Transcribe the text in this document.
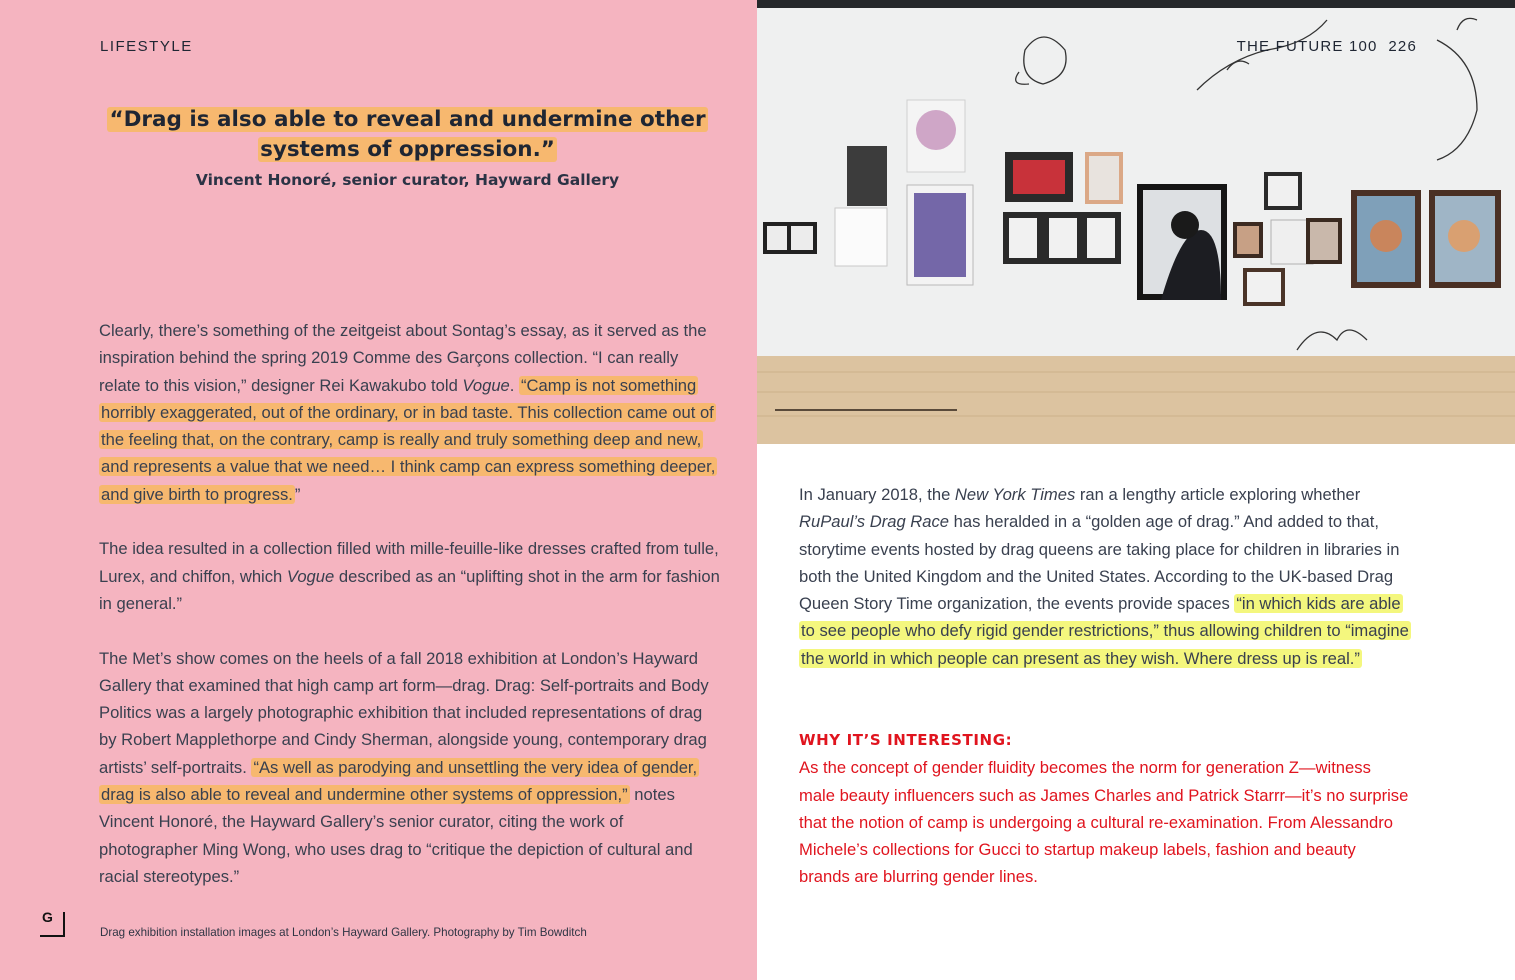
LIFESTYLE
“Drag is also able to reveal and undermine other systems of oppression.”
Vincent Honoré, senior curator, Hayward Gallery

Clearly, there’s something of the zeitgeist about Sontag’s essay, as it served as the inspiration behind the spring 2019 Comme des Garçons collection. “I can really relate to this vision,” designer Rei Kawakubo told Vogue. “Camp is not something horribly exaggerated, out of the ordinary, or in bad taste. This collection came out of the feeling that, on the contrary, camp is really and truly something deep and new, and represents a value that we need… I think camp can express something deeper, and give birth to progress. ”

The idea resulted in a collection filled with mille-feuille-like dresses crafted from tulle, Lurex, and chiffon, which Vogue described as an “uplifting shot in the arm for fashion in general.”

The Met’s show comes on the heels of a fall 2018 exhibition at London’s Hayward Gallery that examined that high camp art form—drag. Drag: Self-portraits and Body Politics was a largely photographic exhibition that included representations of drag by Robert Mapplethorpe and Cindy Sherman, alongside young, contemporary drag artists’ self-portraits. “As well as parodying and unsettling the very idea of gender, drag is also able to reveal and undermine other systems of oppression,” notes Vincent Honoré, the Hayward Gallery’s senior curator, citing the work of photographer Ming Wong, who uses drag to “critique the depiction of cultural and racial stereotypes.”

G
Drag exhibition installation images at London’s Hayward Gallery. Photography by Tim Bowditch
THE FUTURE 100 226

In January 2018, the New York Times ran a lengthy article exploring whether RuPaul’s Drag Race has heralded in a “golden age of drag.” And added to that, storytime events hosted by drag queens are taking place for children in libraries in both the United Kingdom and the United States. According to the UK-based Drag Queen Story Time organization, the events provide spaces “in which kids are able to see people who defy rigid gender restrictions,” thus allowing children to “imagine the world in which people can present as they wish. Where dress up is real.”

WHY IT’S INTERESTING:
As the concept of gender fluidity becomes the norm for generation Z—witness male beauty influencers such as James Charles and Patrick Starrr—it’s no surprise that the notion of camp is undergoing a cultural re-examination. From Alessandro Michele’s collections for Gucci to startup makeup labels, fashion and beauty brands are blurring gender lines.
